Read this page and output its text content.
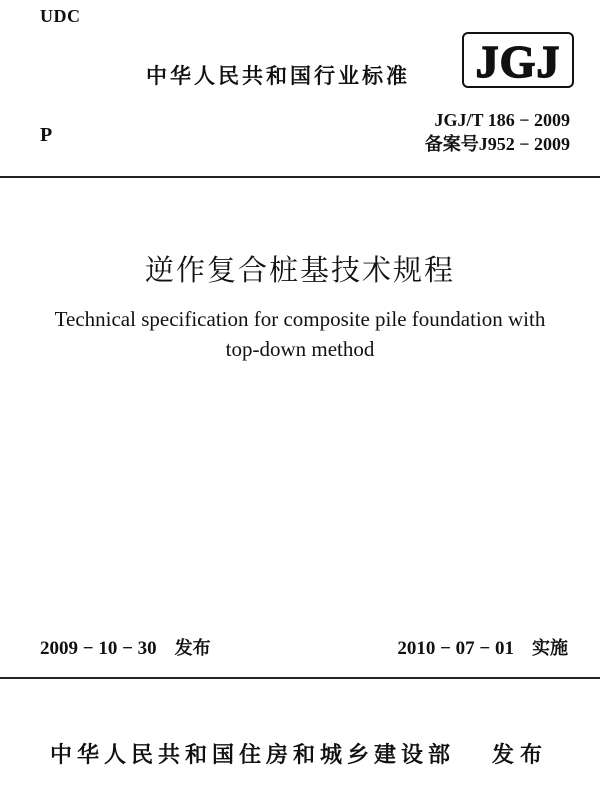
UDC
中华人民共和国行业标准 JGJ
P
JGJ/T 186 − 2009
备案号J952 − 2009
逆作复合桩基技术规程
Technical specification for composite pile foundation with
top-down method
2009 − 10 − 30 发布	2010 − 07 − 01 实施
中华人民共和国住房和城乡建设部 发布
